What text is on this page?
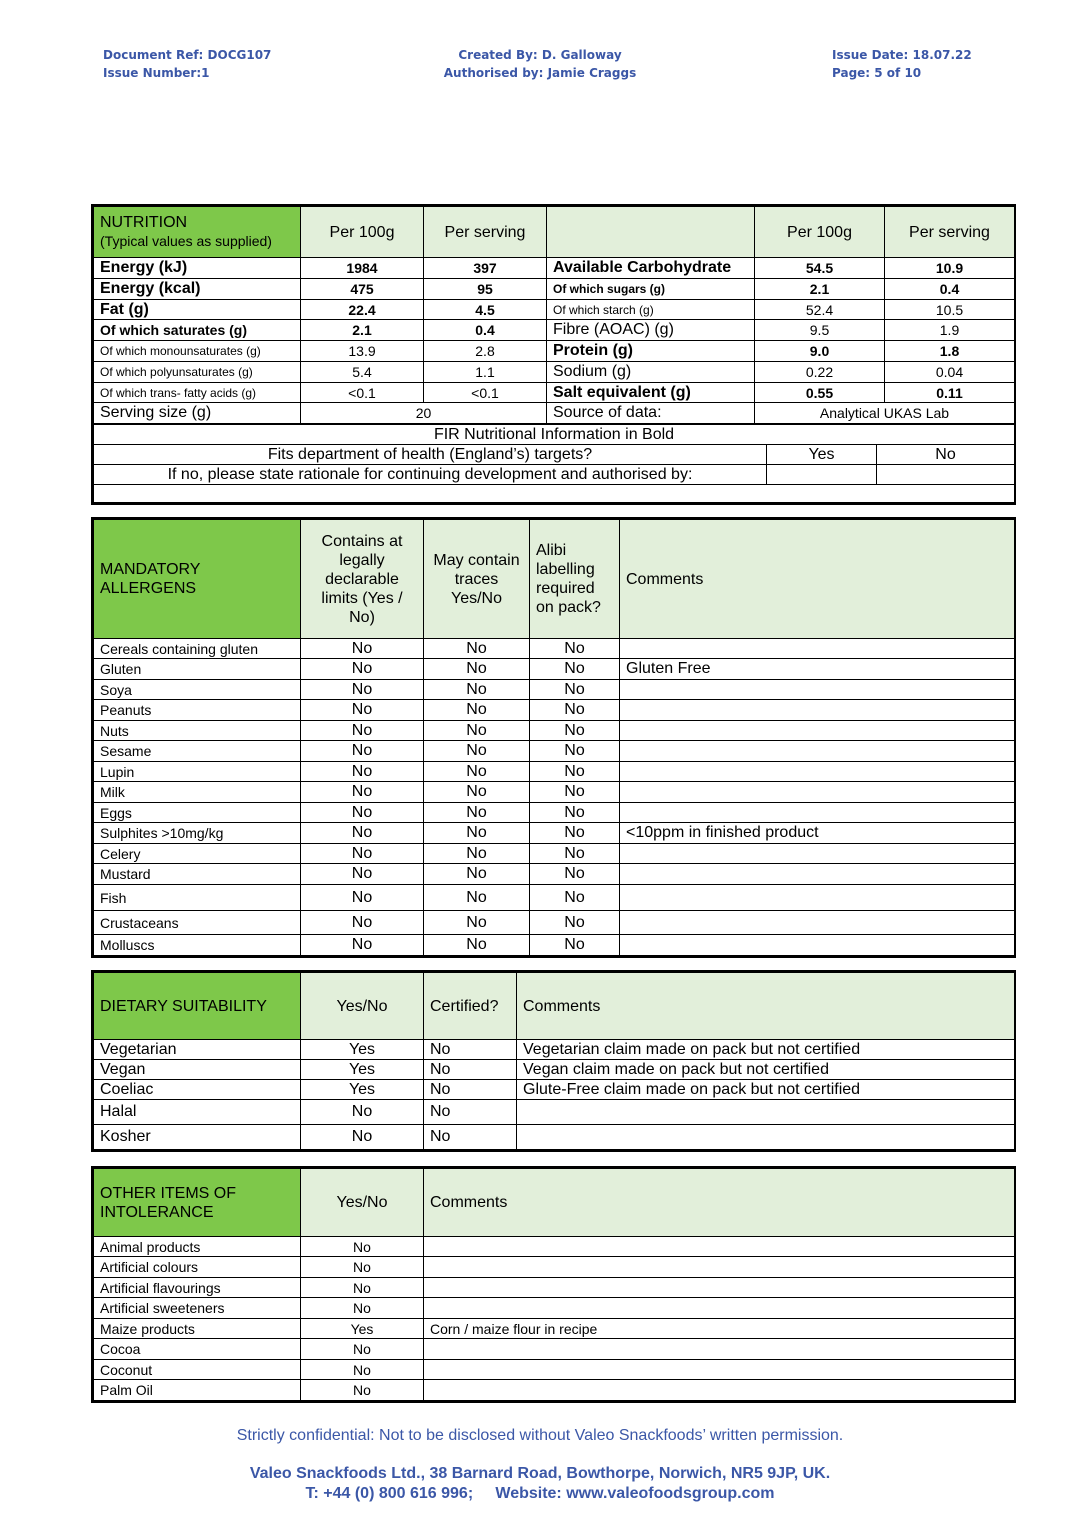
Document Ref: DOCG107
Issue Number:1
Created By: D. Galloway
Authorised by: Jamie Craggs
Issue Date: 18.07.22
Page: 5 of 10
NUTRITION
(Typical values as supplied)	Per 100g	Per serving		Per 100g	Per serving
Energy (kJ)	1984	397	Available Carbohydrate	54.5	10.9
Energy (kcal)	475	95	Of which sugars (g)	2.1	0.4
Fat (g)	22.4	4.5	Of which starch (g)	52.4	10.5
Of which saturates (g)	2.1	0.4	Fibre (AOAC) (g)	9.5	1.9
Of which monounsaturates (g)	13.9	2.8	Protein (g)	9.0	1.8
Of which polyunsaturates (g)	5.4	1.1	Sodium (g)	0.22	0.04
Of which trans- fatty acids (g)	<0.1	<0.1	Salt equivalent (g)	0.55	0.11
Serving size (g)	20		Source of data:	Analytical UKAS Lab	
FIR Nutritional Information in Bold		
Fits department of health (England’s) targets?	Yes	No
If no, please state rationale for continuing development and authorised by:		

MANDATORY ALLERGENS	Contains at legally declarable limits (Yes / No)	May contain traces Yes/No	Alibi labelling required on pack?	Comments
Cereals containing gluten	No	No	No	
Gluten	No	No	No	Gluten Free
Soya	No	No	No	
Peanuts	No	No	No	
Nuts	No	No	No	
Sesame	No	No	No	
Lupin	No	No	No	
Milk	No	No	No	
Eggs	No	No	No	
Sulphites >10mg/kg	No	No	No	<10ppm in finished product
Celery	No	No	No	
Mustard	No	No	No	
Fish	No	No	No	
Crustaceans	No	No	No	
Molluscs	No	No	No	
DIETARY SUITABILITY	Yes/No	Certified?	Comments
Vegetarian	Yes	No	Vegetarian claim made on pack but not certified
Vegan	Yes	No	Vegan claim made on pack but not certified
Coeliac	Yes	No	Glute-Free claim made on pack but not certified
Halal	No	No	
Kosher	No	No	
OTHER ITEMS OF INTOLERANCE	Yes/No	Comments
Animal products	No	
Artificial colours	No	
Artificial flavourings	No	
Artificial sweeteners	No	
Maize products	Yes	Corn / maize flour in recipe
Cocoa	No	
Coconut	No	
Palm Oil	No	
Strictly confidential: Not to be disclosed without Valeo Snackfoods’ written permission.
Valeo Snackfoods Ltd., 38 Barnard Road, Bowthorpe, Norwich, NR5 9JP, UK.
T: +44 (0) 800 616 996;     Website: www.valeofoodsgroup.com
